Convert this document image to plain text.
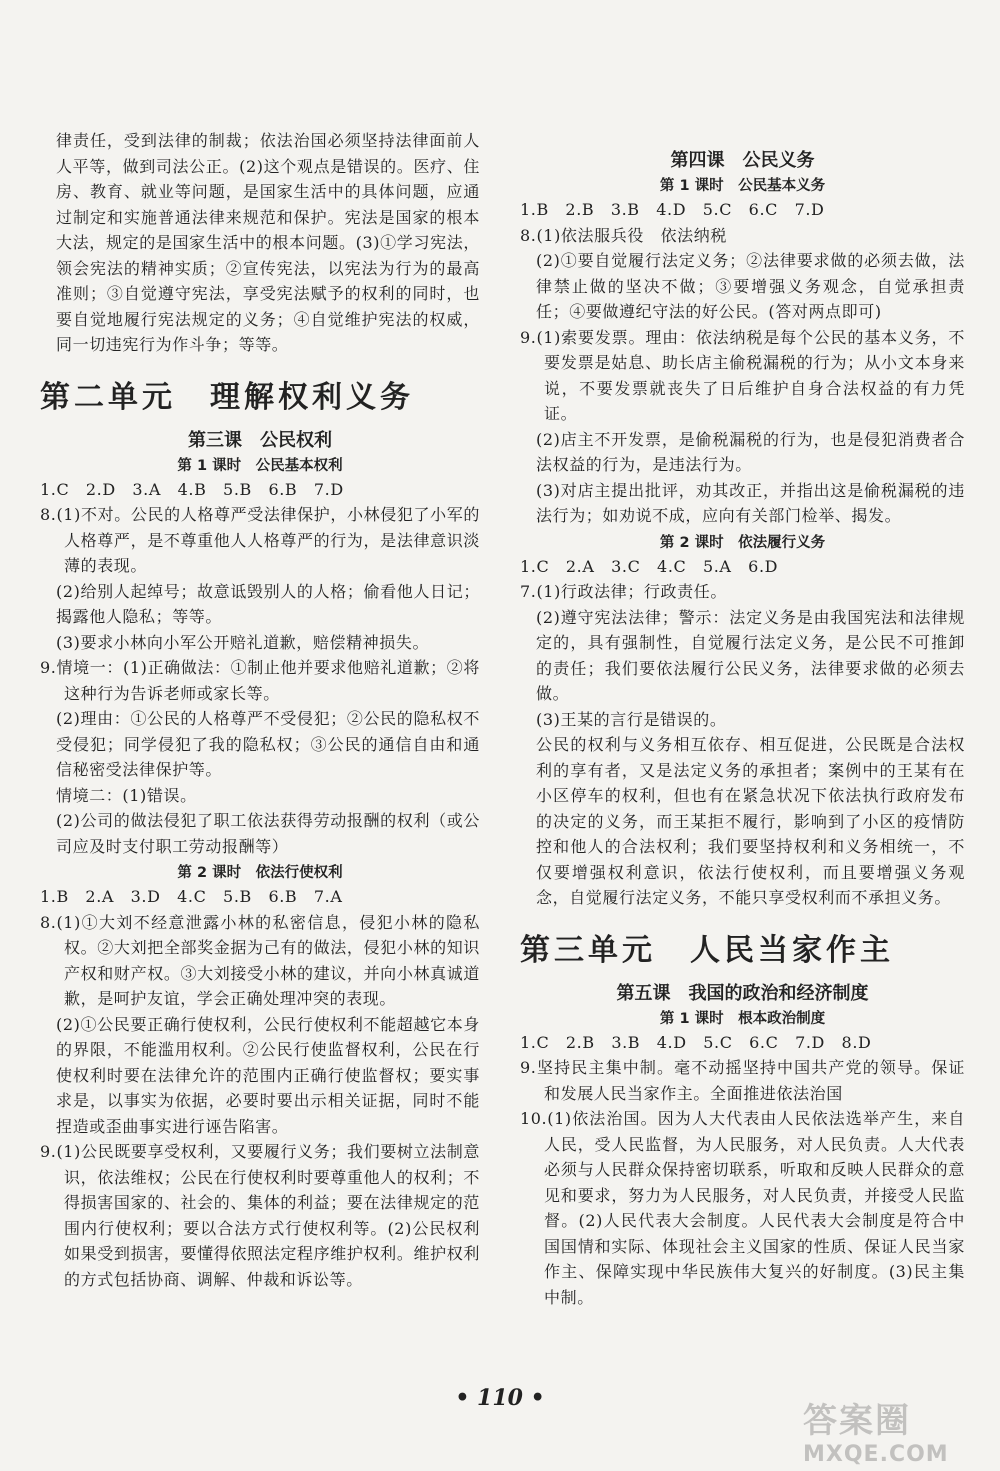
律责任，受到法律的制裁；依法治国必须坚持法律面前人人平等，做到司法公正。(2)这个观点是错误的。医疗、住房、教育、就业等问题，是国家生活中的具体问题，应通过制定和实施普通法律来规范和保护。宪法是国家的根本大法，规定的是国家生活中的根本问题。(3)①学习宪法，领会宪法的精神实质；②宣传宪法，以宪法为行为的最高准则；③自觉遵守宪法，享受宪法赋予的权利的同时，也要自觉地履行宪法规定的义务；④自觉维护宪法的权威，同一切违宪行为作斗争；等等。

第二单元　理解权利义务
第三课　公民权利
第 1 课时　公民基本权利

1.C　2.D　3.A　4.B　5.B　6.B　7.D

8.(1)不对。公民的人格尊严受法律保护，小林侵犯了小军的人格尊严，是不尊重他人人格尊严的行为，是法律意识淡薄的表现。

(2)给别人起绰号；故意诋毁别人的人格；偷看他人日记；揭露他人隐私；等等。

(3)要求小林向小军公开赔礼道歉，赔偿精神损失。

9.情境一：(1)正确做法：①制止他并要求他赔礼道歉；②将这种行为告诉老师或家长等。

(2)理由：①公民的人格尊严不受侵犯；②公民的隐私权不受侵犯；同学侵犯了我的隐私权；③公民的通信自由和通信秘密受法律保护等。

情境二：(1)错误。

(2)公司的做法侵犯了职工依法获得劳动报酬的权利（或公司应及时支付职工劳动报酬等）

第 2 课时　依法行使权利

1.B　2.A　3.D　4.C　5.B　6.B　7.A

8.(1)①大刘不经意泄露小林的私密信息，侵犯小林的隐私权。②大刘把全部奖金据为己有的做法，侵犯小林的知识产权和财产权。③大刘接受小林的建议，并向小林真诚道歉，是呵护友谊，学会正确处理冲突的表现。

(2)①公民要正确行使权利，公民行使权利不能超越它本身的界限，不能滥用权利。②公民行使监督权利，公民在行使权利时要在法律允许的范围内正确行使监督权；要实事求是，以事实为依据，必要时要出示相关证据，同时不能捏造或歪曲事实进行诬告陷害。

9.(1)公民既要享受权利，又要履行义务；我们要树立法制意识，依法维权；公民在行使权利时要尊重他人的权利；不得损害国家的、社会的、集体的利益；要在法律规定的范围内行使权利；要以合法方式行使权利等。(2)公民权利如果受到损害，要懂得依照法定程序维护权利。维护权利的方式包括协商、调解、仲裁和诉讼等。

第四课　公民义务
第 1 课时　公民基本义务

1.B　2.B　3.B　4.D　5.C　6.C　7.D

8.(1)依法服兵役　依法纳税

(2)①要自觉履行法定义务；②法律要求做的必须去做，法律禁止做的坚决不做；③要增强义务观念，自觉承担责任；④要做遵纪守法的好公民。(答对两点即可)

9.(1)索要发票。理由：依法纳税是每个公民的基本义务，不要发票是姑息、助长店主偷税漏税的行为；从小文本身来说，不要发票就丧失了日后维护自身合法权益的有力凭证。

(2)店主不开发票，是偷税漏税的行为，也是侵犯消费者合法权益的行为，是违法行为。

(3)对店主提出批评，劝其改正，并指出这是偷税漏税的违法行为；如劝说不成，应向有关部门检举、揭发。

第 2 课时　依法履行义务

1.C　2.A　3.C　4.C　5.A　6.D

7.(1)行政法律；行政责任。

(2)遵守宪法法律；警示：法定义务是由我国宪法和法律规定的，具有强制性，自觉履行法定义务，是公民不可推卸的责任；我们要依法履行公民义务，法律要求做的必须去做。

(3)王某的言行是错误的。

公民的权利与义务相互依存、相互促进，公民既是合法权利的享有者，又是法定义务的承担者；案例中的王某有在小区停车的权利，但也有在紧急状况下依法执行政府发布的决定的义务，而王某拒不履行，影响到了小区的疫情防控和他人的合法权利；我们要坚持权利和义务相统一，不仅要增强权利意识，依法行使权利，而且要增强义务观念，自觉履行法定义务，不能只享受权利而不承担义务。

第三单元　人民当家作主
第五课　我国的政治和经济制度
第 1 课时　根本政治制度

1.C　2.B　3.B　4.D　5.C　6.C　7.D　8.D

9.坚持民主集中制。毫不动摇坚持中国共产党的领导。保证和发展人民当家作主。全面推进依法治国

10.(1)依法治国。因为人大代表由人民依法选举产生，来自人民，受人民监督，为人民服务，对人民负责。人大代表必须与人民群众保持密切联系，听取和反映人民群众的意见和要求，努力为人民服务，对人民负责，并接受人民监督。(2)人民代表大会制度。人民代表大会制度是符合中国国情和实际、体现社会主义国家的性质、保证人民当家作主、保障实现中华民族伟大复兴的好制度。(3)民主集中制。

• 110 •
答案圈
MXQE.COM
